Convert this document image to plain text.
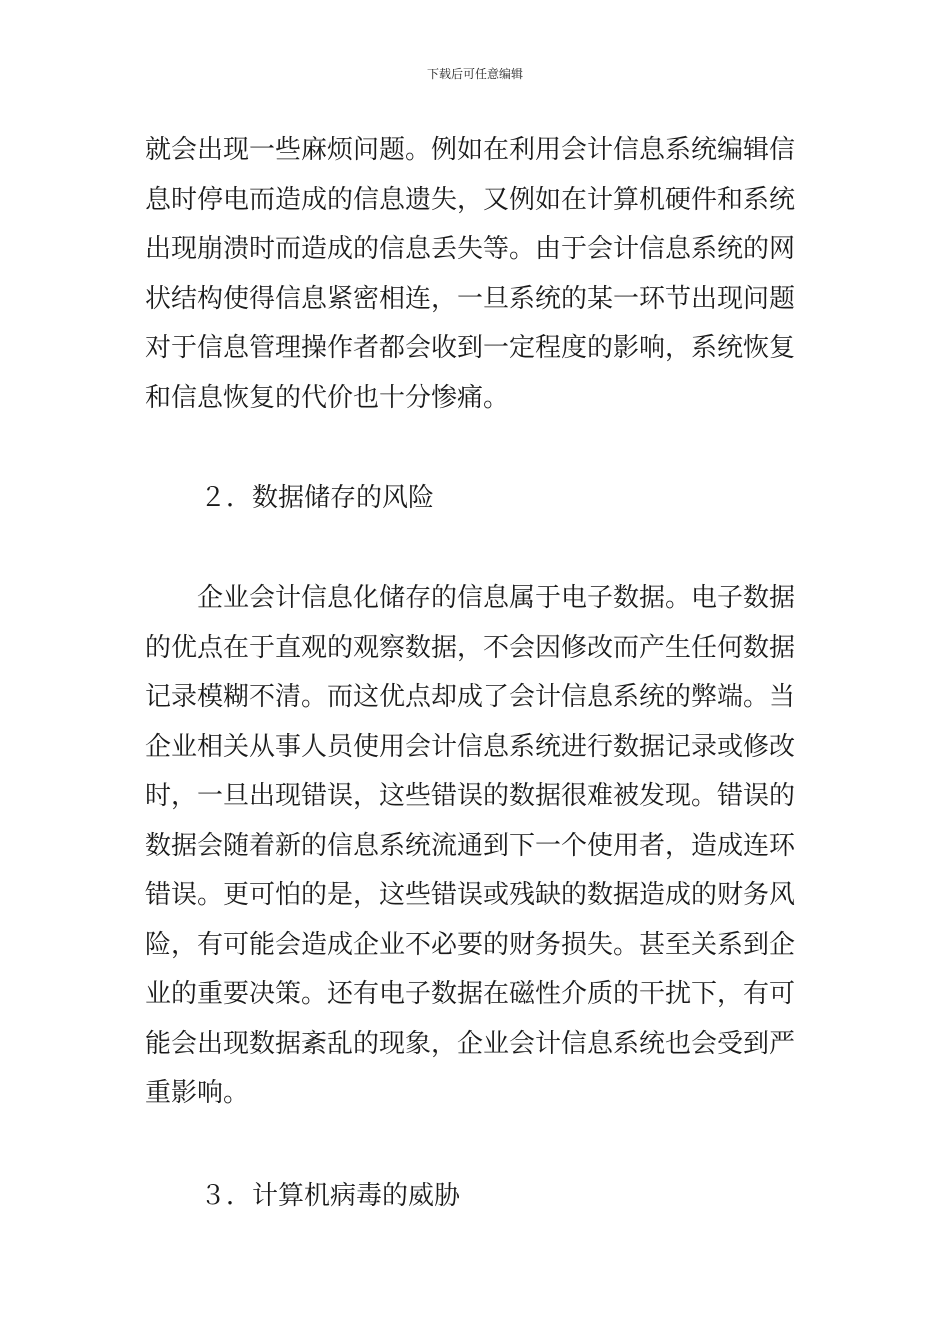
下载后可任意编辑
就会出现一些麻烦问题。例如在利用会计信息系统编辑信
息时停电而造成的信息遗失，又例如在计算机硬件和系统
出现崩溃时而造成的信息丢失等。由于会计信息系统的网
状结构使得信息紧密相连，一旦系统的某一环节出现问题
对于信息管理操作者都会收到一定程度的影响，系统恢复
和信息恢复的代价也十分惨痛。
２．数据储存的风险
　　企业会计信息化储存的信息属于电子数据。电子数据
的优点在于直观的观察数据，不会因修改而产生任何数据
记录模糊不清。而这优点却成了会计信息系统的弊端。当
企业相关从事人员使用会计信息系统进行数据记录或修改
时，一旦出现错误，这些错误的数据很难被发现。错误的
数据会随着新的信息系统流通到下一个使用者，造成连环
错误。更可怕的是，这些错误或残缺的数据造成的财务风
险，有可能会造成企业不必要的财务损失。甚至关系到企
业的重要决策。还有电子数据在磁性介质的干扰下，有可
能会出现数据紊乱的现象，企业会计信息系统也会受到严
重影响。
３．计算机病毒的威胁
